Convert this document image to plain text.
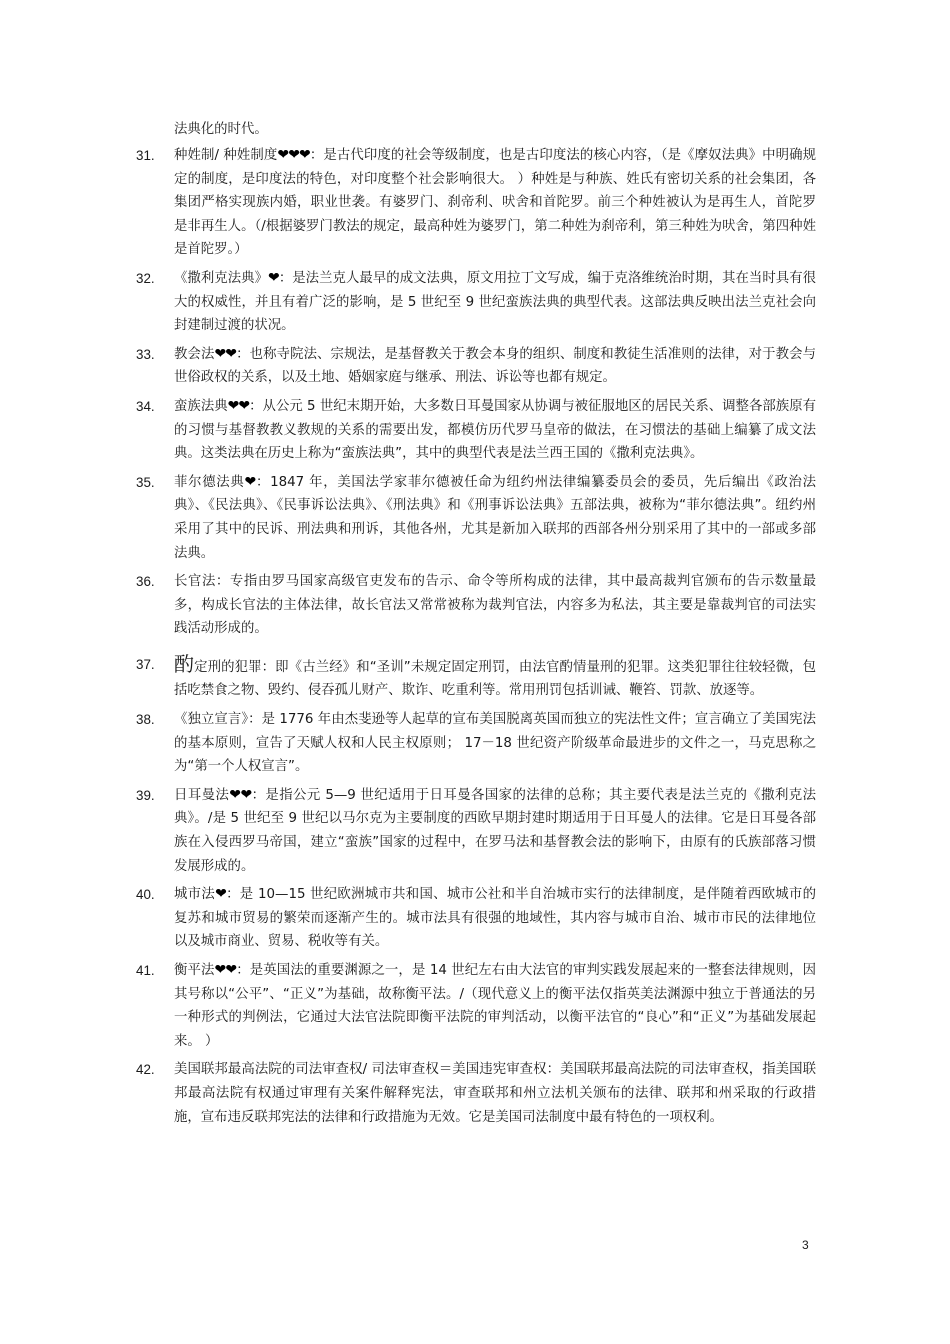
法典化的时代。
31.	种姓制/ 种姓制度❤❤❤：是古代印度的社会等级制度，也是古印度法的核心内容，（是《摩奴法典》中明确规定的制度，是印度法的特色，对印度整个社会影响很大。 ）种姓是与种族、姓氏有密切关系的社会集团，各集团严格实现族内婚，职业世袭。有婆罗门、刹帝利、吠舍和首陀罗。前三个种姓被认为是再生人，首陀罗是非再生人。（/根据婆罗门教法的规定，最高种姓为婆罗门，第二种姓为刹帝利，第三种姓为吠舍，第四种姓是首陀罗。）
32.	《撒利克法典》❤：是法兰克人最早的成文法典，原文用拉丁文写成，编于克洛维统治时期，其在当时具有很大的权威性，并且有着广泛的影响，是 5 世纪至 9 世纪蛮族法典的典型代表。这部法典反映出法兰克社会向封建制过渡的状况。
33.	教会法❤❤：也称寺院法、宗规法，是基督教关于教会本身的组织、制度和教徒生活准则的法律，对于教会与世俗政权的关系，以及土地、婚姻家庭与继承、刑法、诉讼等也都有规定。
34.	蛮族法典❤❤：从公元 5 世纪末期开始，大多数日耳曼国家从协调与被征服地区的居民关系、调整各部族原有的习惯与基督教教义教规的关系的需要出发，都模仿历代罗马皇帝的做法，在习惯法的基础上编纂了成文法典。这类法典在历史上称为“蛮族法典”，其中的典型代表是法兰西王国的《撒利克法典》。
35.	菲尔德法典❤：1847 年，美国法学家菲尔德被任命为纽约州法律编纂委员会的委员，先后编出《政治法典》、《民法典》、《民事诉讼法典》、《刑法典》和《刑事诉讼法典》五部法典，被称为“菲尔德法典”。纽约州采用了其中的民诉、刑法典和刑诉，其他各州，尤其是新加入联邦的西部各州分别采用了其中的一部或多部法典。
36.	长官法：专指由罗马国家高级官吏发布的告示、命令等所构成的法律，其中最高裁判官颁布的告示数量最多，构成长官法的主体法律，故长官法又常常被称为裁判官法，内容多为私法，其主要是靠裁判官的司法实践活动形成的。
37. 酌定刑的犯罪：即《古兰经》和“圣训”未规定固定刑罚，由法官酌情量刑的犯罪。这类犯罪往往较轻微，包括吃禁食之物、毁约、侵吞孤儿财产、欺诈、吃重利等。常用刑罚包括训诫、鞭笞、罚款、放逐等。
38.	《独立宣言》：是 1776 年由杰斐逊等人起草的宣布美国脱离英国而独立的宪法性文件；宣言确立了美国宪法的基本原则，宣告了天赋人权和人民主权原则； 17－18 世纪资产阶级革命最进步的文件之一，马克思称之为“第一个人权宣言”。
39.	日耳曼法❤❤：是指公元 5—9 世纪适用于日耳曼各国家的法律的总称；其主要代表是法兰克的《撒利克法典》。/是 5 世纪至 9 世纪以马尔克为主要制度的西欧早期封建时期适用于日耳曼人的法律。它是日耳曼各部族在入侵西罗马帝国，建立“蛮族”国家的过程中，在罗马法和基督教会法的影响下，由原有的氏族部落习惯发展形成的。
40.	城市法❤：是 10—15 世纪欧洲城市共和国、城市公社和半自治城市实行的法律制度，是伴随着西欧城市的复苏和城市贸易的繁荣而逐渐产生的。城市法具有很强的地域性，其内容与城市自治、城市市民的法律地位以及城市商业、贸易、税收等有关。
41.	衡平法❤❤：是英国法的重要渊源之一，是 14 世纪左右由大法官的审判实践发展起来的一整套法律规则，因其号称以“公平”、“正义”为基础，故称衡平法。/（现代意义上的衡平法仅指英美法渊源中独立于普通法的另一种形式的判例法，它通过大法官法院即衡平法院的审判活动，以衡平法官的“良心”和“正义”为基础发展起来。 ）
42.	美国联邦最高法院的司法审查权/ 司法审查权＝美国违宪审查权：美国联邦最高法院的司法审查权，指美国联邦最高法院有权通过审理有关案件解释宪法，审查联邦和州立法机关颁布的法律、联邦和州采取的行政措施，宣布违反联邦宪法的法律和行政措施为无效。它是美国司法制度中最有特色的一项权利。
3
